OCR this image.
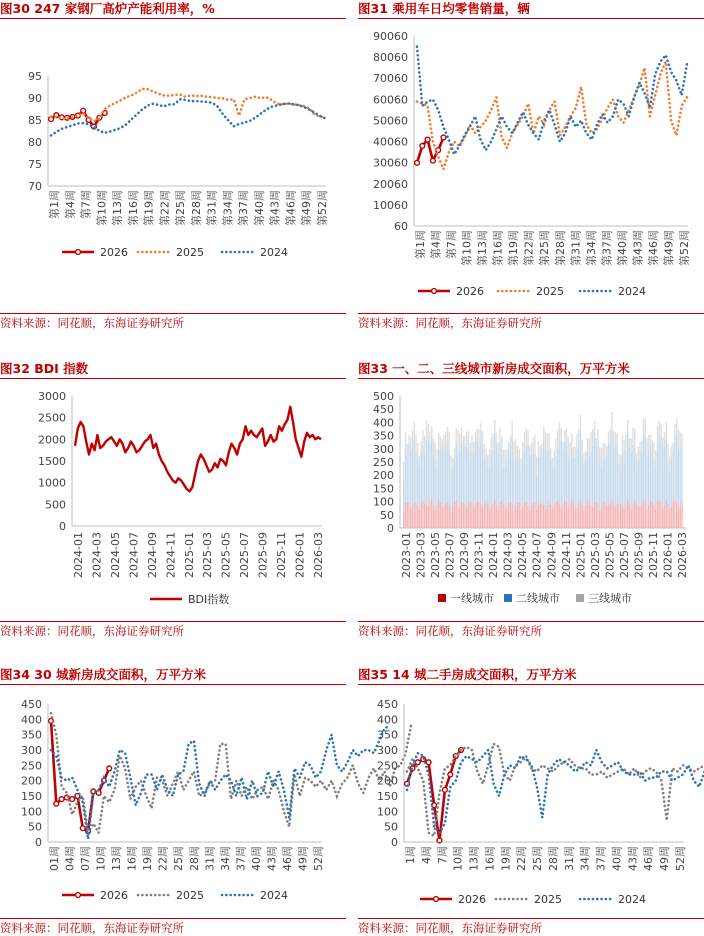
图30 247 家钢厂高炉产能利用率，%
70
75
80
85
90
95
第1周 第4周 第7周 第10周 第13周 第16周 第19周 第22周 第25周 第28周 第31周 第34周 第37周 第40周 第43周 第46周 第49周 第52周
2026	2025	2024
资料来源：同花顺，东海证券研究所
图31 乘用车日均零售销量，辆
60
10060
20060
30060
40060
50060
60060
70060
80060
90060
第1周 第4周 第7周 第10周 第13周 第16周 第19周 第22周 第25周 第28周 第31周 第34周 第37周 第40周 第43周 第46周 第49周 第52周
2026	2025	2024
资料来源：同花顺，东海证券研究所
图32 BDI 指数
0
500
1000
1500
2000
2500
3000
2024-01 2024-03 2024-05 2024-07 2024-09 2024-11 2025-01 2025-03 2025-05 2025-07 2025-09 2025-11 2026-01 2026-03
BDI指数
资料来源：同花顺，东海证券研究所
图33 一、二、三线城市新房成交面积，万平方米
0
50
100
150
200
250
300
350
400
450
500
2023-01 2023-03 2023-05 2023-07 2023-09 2023-11 2024-01 2024-03 2024-05 2024-07 2024-09 2024-11 2025-01 2025-03 2025-05 2025-07 2025-09 2025-11 2026-01 2026-03
一线城市 二线城市	三线城市
资料来源：同花顺，东海证券研究所
图34 30 城新房成交面积，万平方米
0
50
100
150
200
250
300
350
400
450
01周 04周 07周 10周 13周 16周 19周 22周 25周 28周 31周 34周 37周 40周 43周 46周 49周 52周
2026	2025	2024
资料来源：同花顺，东海证券研究所
图35 14 城二手房成交面积，万平方米
0
50
100
150
200
250
300
350
400
450
1周 4周 7周 10周 13周 16周 19周 22周 25周 28周 31周 34周 37周 40周 43周 46周 49周 52周
2026	2025	2024
资料来源：同花顺，东海证券研究所
